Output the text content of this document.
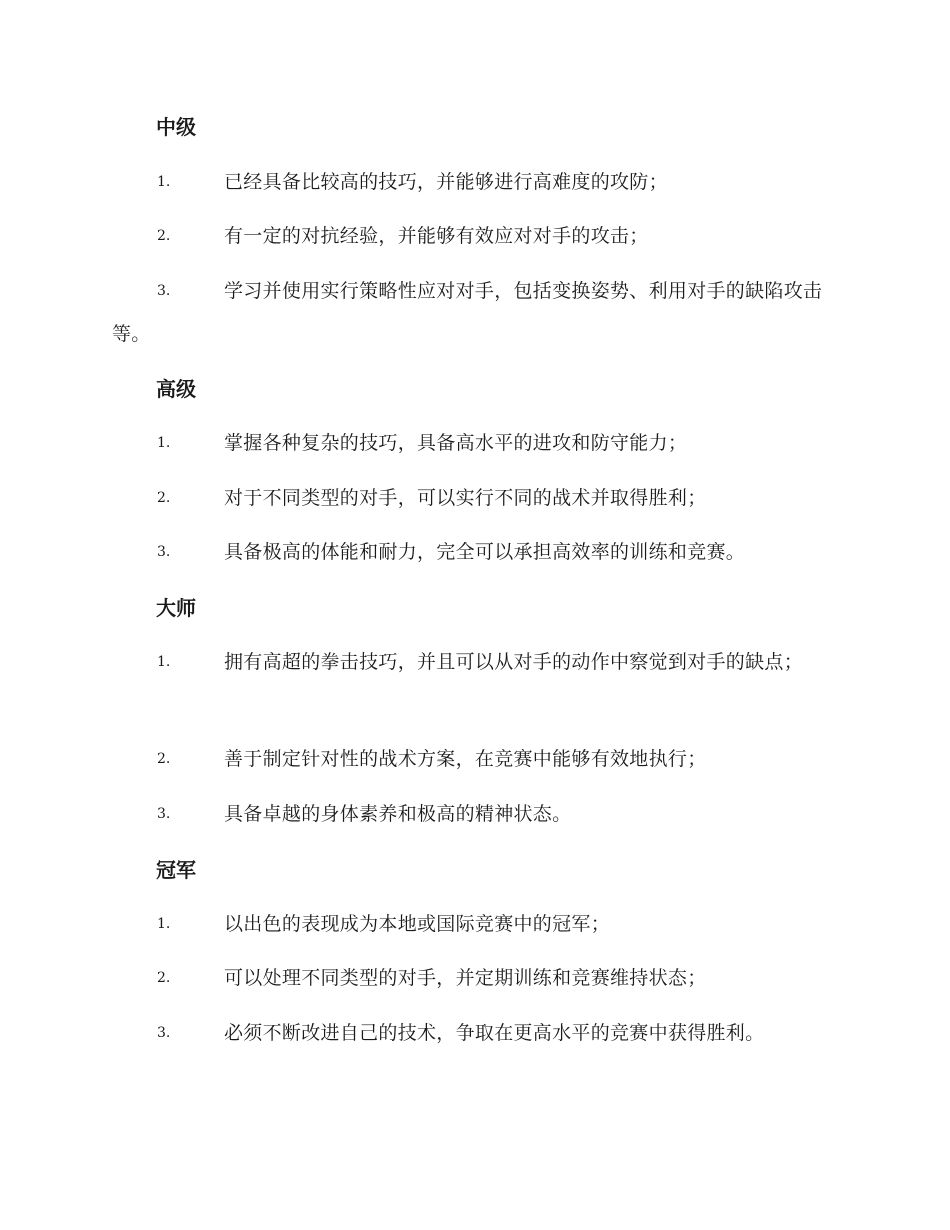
中级
1.	已经具备比较高的技巧，并能够进行高难度的攻防；
2.	有一定的对抗经验，并能够有效应对对手的攻击；
3.	学习并使用实行策略性应对对手，包括变换姿势、利用对手的缺陷攻击等。
高级
1.	掌握各种复杂的技巧，具备高水平的进攻和防守能力；
2.	对于不同类型的对手，可以实行不同的战术并取得胜利；
3.	具备极高的体能和耐力，完全可以承担高效率的训练和竞赛。
大师
1.	拥有高超的拳击技巧，并且可以从对手的动作中察觉到对手的缺点；
2.	善于制定针对性的战术方案，在竞赛中能够有效地执行；
3.	具备卓越的身体素养和极高的精神状态。
冠军
1.	以出色的表现成为本地或国际竞赛中的冠军；
2.	可以处理不同类型的对手，并定期训练和竞赛维持状态；
3.	必须不断改进自己的技术，争取在更高水平的竞赛中获得胜利。
